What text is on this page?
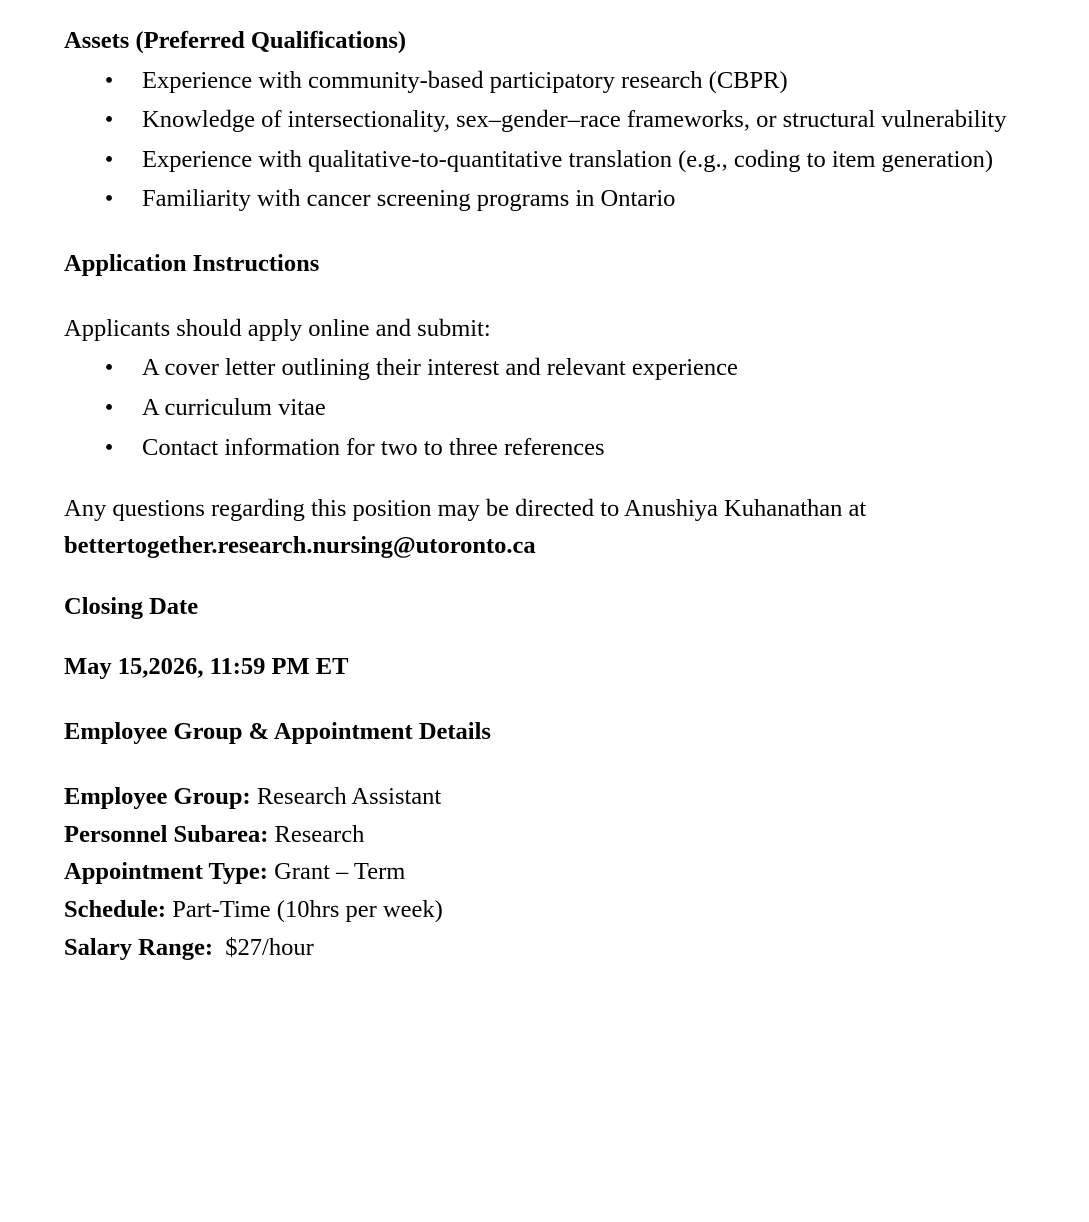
Assets (Preferred Qualifications)
• Experience with community-based participatory research (CBPR)
• Knowledge of intersectionality, sex–gender–race frameworks, or structural vulnerability
• Experience with qualitative-to-quantitative translation (e.g., coding to item generation)
• Familiarity with cancer screening programs in Ontario
Application Instructions
Applicants should apply online and submit:
• A cover letter outlining their interest and relevant experience
• A curriculum vitae
• Contact information for two to three references
Any questions regarding this position may be directed to Anushiya Kuhanathan at
bettertogether.research.nursing@utoronto.ca
Closing Date
May 15,2026, 11:59 PM ET
Employee Group & Appointment Details
Employee Group: Research Assistant
Personnel Subarea: Research
Appointment Type: Grant – Term
Schedule: Part-Time (10hrs per week)
Salary Range: $27/hour
